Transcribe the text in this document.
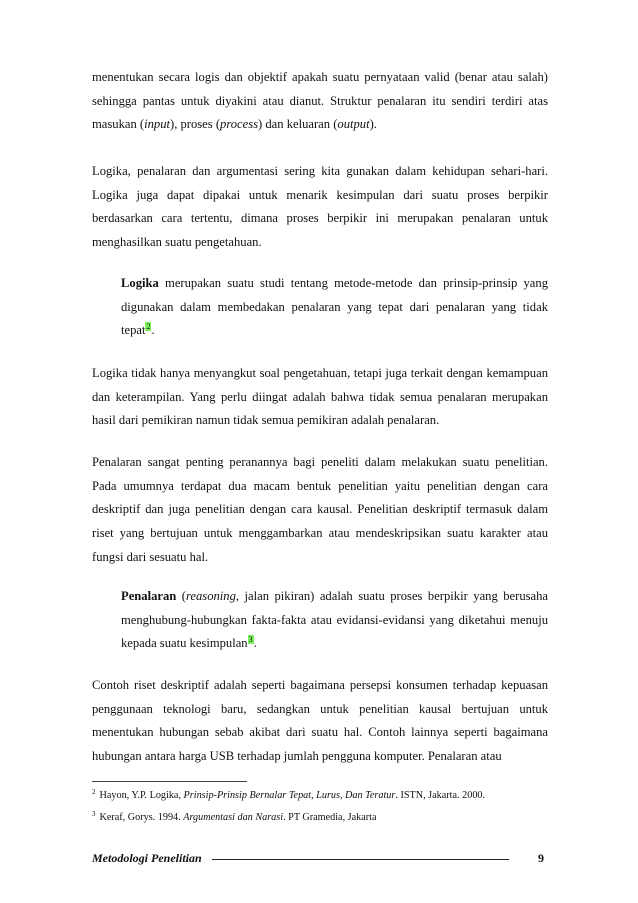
menentukan secara logis dan objektif apakah suatu pernyataan valid (benar atau salah) sehingga pantas untuk diyakini atau dianut. Struktur penalaran itu sendiri terdiri atas masukan (input), proses (process) dan keluaran (output).

Logika, penalaran dan argumentasi sering kita gunakan dalam kehidupan sehari-hari. Logika juga dapat dipakai untuk menarik kesimpulan dari suatu proses berpikir berdasarkan cara tertentu, dimana proses berpikir ini merupakan penalaran untuk menghasilkan suatu pengetahuan.

Logika merupakan suatu studi tentang metode-metode dan prinsip-prinsip yang digunakan dalam membedakan penalaran yang tepat dari penalaran yang tidak tepat$^2$.

Logika tidak hanya menyangkut soal pengetahuan, tetapi juga terkait dengan kemampuan dan keterampilan. Yang perlu diingat adalah bahwa tidak semua penalaran merupakan hasil dari pemikiran namun tidak semua pemikiran adalah penalaran.

Penalaran sangat penting peranannya bagi peneliti dalam melakukan suatu penelitian. Pada umumnya terdapat dua macam bentuk penelitian yaitu penelitian dengan cara deskriptif dan juga penelitian dengan cara kausal. Penelitian deskriptif termasuk dalam riset yang bertujuan untuk menggambarkan atau mendeskripsikan suatu karakter atau fungsi dari sesuatu hal.

Penalaran (reasoning, jalan pikiran) adalah suatu proses berpikir yang berusaha menghubung-hubungkan fakta-fakta atau evidansi-evidansi yang diketahui menuju kepada suatu kesimpulan$^3$.

Contoh riset deskriptif adalah seperti bagaimana persepsi konsumen terhadap kepuasan penggunaan teknologi baru, sedangkan untuk penelitian kausal bertujuan untuk menentukan hubungan sebab akibat dari suatu hal. Contoh lainnya seperti bagaimana hubungan antara harga USB terhadap jumlah pengguna komputer. Penalaran atau

$^2$ Hayon, Y.P. Logika, Prinsip-Prinsip Bernalar Tepat, Lurus, Dan Teratur. ISTN, Jakarta. 2000.

$^3$ Keraf, Gorys. 1994. Argumentasi dan Narasi. PT Gramedia, Jakarta

Metodologi Penelitian	9
